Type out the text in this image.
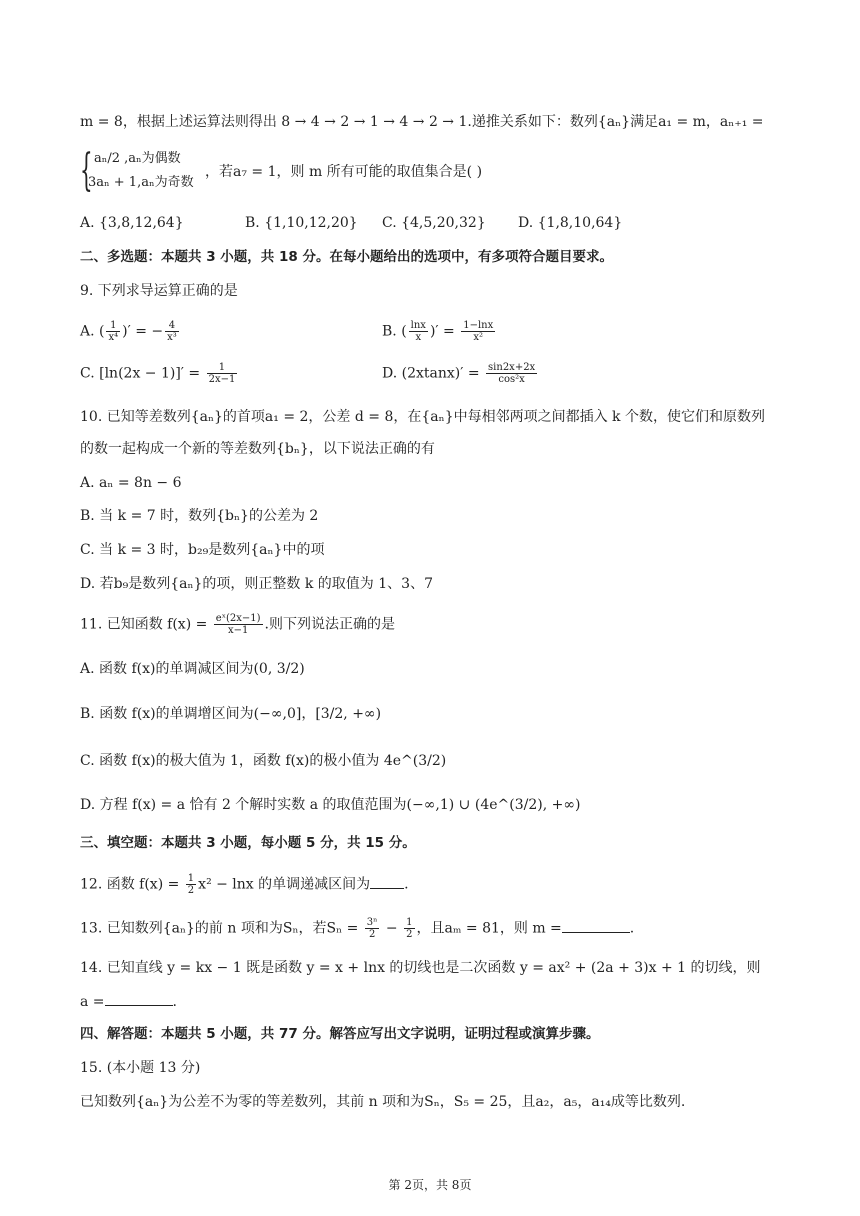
m = 8，根据上述运算法则得出 8 → 4 → 2 → 1 → 4 → 2 → 1.递推关系如下：数列{aₙ}满足a₁ = m，aₙ₊₁ =
{ aₙ/2 ,aₙ为偶数
3aₙ + 1,aₙ为奇数
，若a₇ = 1，则 m 所有可能的取值集合是( )
A. {3,8,12,64}	B. {1,10,12,20} C. {4,5,20,32} D. {1,8,10,64}
二、多选题：本题共 3 小题，共 18 分。在每小题给出的选项中，有多项符合题目要求。
9. 下列求导运算正确的是
A. ( $\frac{1}{\text{x⁴}}$ )′ = − $\frac{4}{\text{x³}}$	B. ( $\frac{\ln x}{x}$ )′ = $\frac{1-\ln x}{\text{x²}}$
C. $[\ln(2x - 1)]' = \frac{1}{2x-1}$	D. $(2xtanx)' = \frac{\sin 2x+2x}{\text{cos²x}}$
10. 已知等差数列{aₙ}的首项a₁ = 2，公差 d = 8，在{aₙ}中每相邻两项之间都插入 k 个数，使它们和原数列
的数一起构成一个新的等差数列{bₙ}，以下说法正确的有
A. aₙ = 8n − 6
B. 当 k = 7 时，数列{bₙ}的公差为 2
C. 当 k = 3 时，b₂₉是数列{aₙ}中的项
D. 若b₉是数列{aₙ}的项，则正整数 k 的取值为 1、3、7
11. 已知函数 $f(x) = \frac{\text{eˣ(2x−1)}}{x-1}$ .则下列说法正确的是
A. 函数 f(x)的单调减区间为(0, 3/2)
B. 函数 f(x)的单调增区间为(−∞,0]，[3/2, +∞)
C. 函数 f(x)的极大值为 1，函数 f(x)的极小值为 4e^(3/2)
D. 方程 f(x) = a 恰有 2 个解时实数 a 的取值范围为(−∞,1) ∪ (4e^(3/2), +∞)
三、填空题：本题共 3 小题，每小题 5 分，共 15 分。
12. 函数 $f(x) = \frac{1}{2} x^2 - \ln x$ 的单调递减区间为 .
13. 已知数列{aₙ}的前 n 项和为Sₙ，若$S_n = \frac{\text{3ⁿ}}{2} - \frac{1}{2}$ ，且aₘ = 81，则 m =	.
14. 已知直线 y = kx − 1 既是函数 y = x + lnx 的切线也是二次函数 y = ax² + (2a + 3)x + 1 的切线，则
a =	.
四、解答题：本题共 5 小题，共 77 分。解答应写出文字说明，证明过程或演算步骤。
15. (本小题 13 分)
已知数列{aₙ}为公差不为零的等差数列，其前 n 项和为Sₙ，S₅ = 25，且a₂，a₅，a₁₄成等比数列.
第 2页，共 8页
